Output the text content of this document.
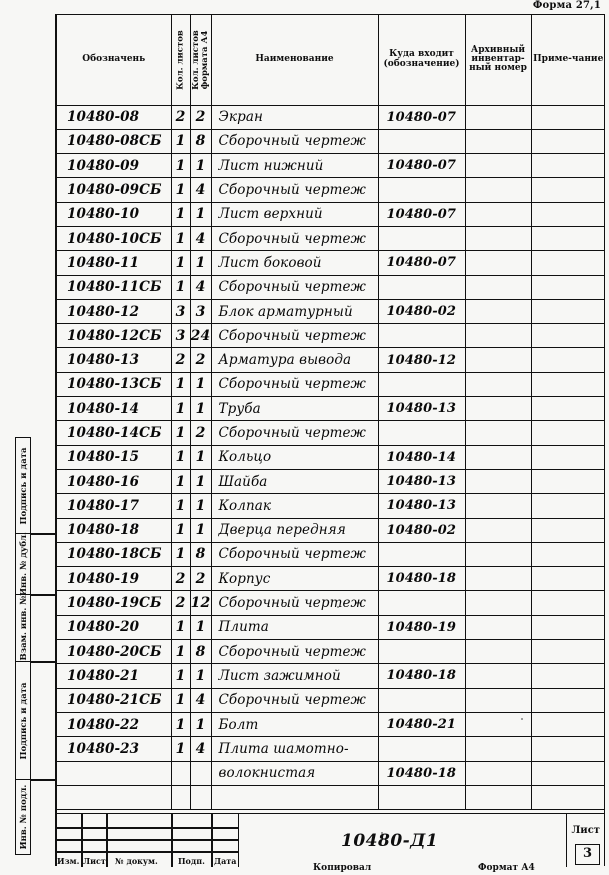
Форма 27,1
Обозначень	Кол. листов	Кол. листов формата А4	Наименование	Куда входит (обозначение)	Архивный инвентар-ный номер	Приме-чание
10480-08	2	2	Экран	10480-07		
10480-08СБ	1	8	Сборочный чертеж			
10480-09	1	1	Лист нижний	10480-07		
10480-09СБ	1	4	Сборочный чертеж			
10480-10	1	1	Лист верхний	10480-07		
10480-10СБ	1	4	Сборочный чертеж			
10480-11	1	1	Лист боковой	10480-07		
10480-11СБ	1	4	Сборочный чертеж			
10480-12	3	3	Блок арматурный	10480-02		
10480-12СБ	3	24	Сборочный чертеж			
10480-13	2	2	Арматура вывода	10480-12		
10480-13СБ	1	1	Сборочный чертеж			
10480-14	1	1	Труба	10480-13		
10480-14СБ	1	2	Сборочный чертеж			
10480-15	1	1	Кольцо	10480-14		
10480-16	1	1	Шайба	10480-13		
10480-17	1	1	Колпак	10480-13		
10480-18	1	1	Дверца передняя	10480-02		
10480-18СБ	1	8	Сборочный чертеж			
10480-19	2	2	Корпус	10480-18		
10480-19СБ	2	12	Сборочный чертеж			
10480-20	1	1	Плита	10480-19		
10480-20СБ	1	8	Сборочный чертеж			
10480-21	1	1	Лист зажимной	10480-18		
10480-21СБ	1	4	Сборочный чертеж			
10480-22	1	1	Болт	10480-21		
10480-23	1	4	Плита шамотно-			
			волокнистая	10480-18		

Подпись и дата
Инв. № дубл.
Взам. инв. №
Подпись и дата
Инв. № подл.
Изм. Лист № докум.	Подп. Дата
10480-Д1
Лист
3
Копировал	Формат А4
